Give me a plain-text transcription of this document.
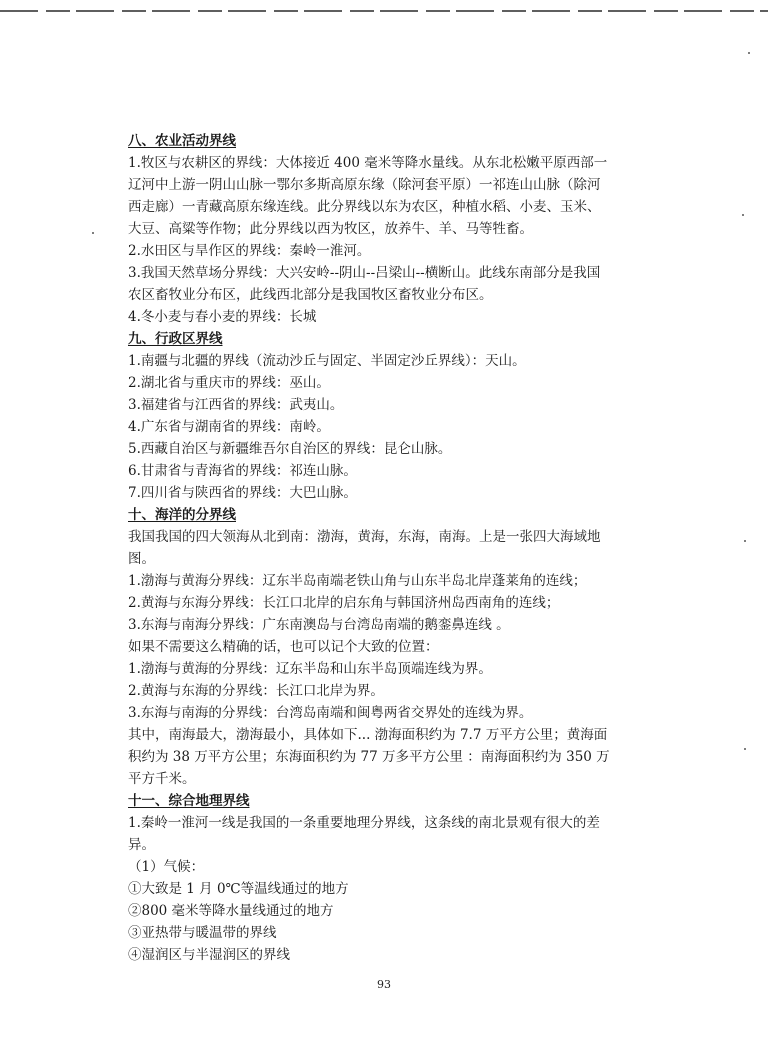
八、农业活动界线
1.牧区与农耕区的界线：大体接近 400 毫米等降水量线。从东北松嫩平原西部一
辽河中上游一阴山山脉一鄂尔多斯高原东缘（除河套平原）一祁连山山脉（除河
西走廊）一青藏高原东缘连线。此分界线以东为农区，种植水稻、小麦、玉米、
大豆、高粱等作物；此分界线以西为牧区，放养牛、羊、马等牲畜。
2.水田区与旱作区的界线：秦岭一淮河。
3.我国天然草场分界线：大兴安岭--阴山--吕梁山--横断山。此线东南部分是我国
农区畜牧业分布区，此线西北部分是我国牧区畜牧业分布区。
4.冬小麦与春小麦的界线：长城
九、行政区界线
1.南疆与北疆的界线（流动沙丘与固定、半固定沙丘界线）：天山。
2.湖北省与重庆市的界线：巫山。
3.福建省与江西省的界线：武夷山。
4.广东省与湖南省的界线：南岭。
5.西藏自治区与新疆维吾尔自治区的界线：昆仑山脉。
6.甘肃省与青海省的界线：祁连山脉。
7.四川省与陕西省的界线：大巴山脉。
十、海洋的分界线
我国我国的四大领海从北到南：渤海，黄海，东海，南海。上是一张四大海域地
图。
1.渤海与黄海分界线：辽东半岛南端老铁山角与山东半岛北岸蓬莱角的连线；
2.黄海与东海分界线：长江口北岸的启东角与韩国济州岛西南角的连线；
3.东海与南海分界线：广东南澳岛与台湾岛南端的鹅銮鼻连线 。
如果不需要这么精确的话，也可以记个大致的位置：
1.渤海与黄海的分界线：辽东半岛和山东半岛顶端连线为界。
2.黄海与东海的分界线：长江口北岸为界。
3.东海与南海的分界线：台湾岛南端和闽粤两省交界处的连线为界。
其中，南海最大，渤海最小，具体如下... 渤海面积约为 7.7 万平方公里；黄海面
积约为 38 万平方公里；东海面积约为 77 万多平方公里 ：南海面积约为 350 万
平方千米。
十一、综合地理界线
1.秦岭一淮河一线是我国的一条重要地理分界线，这条线的南北景观有很大的差
异。
（1）气候：
①大致是 1 月 0℃等温线通过的地方
②800 毫米等降水量线通过的地方
③亚热带与暖温带的界线
④湿润区与半湿润区的界线
93
